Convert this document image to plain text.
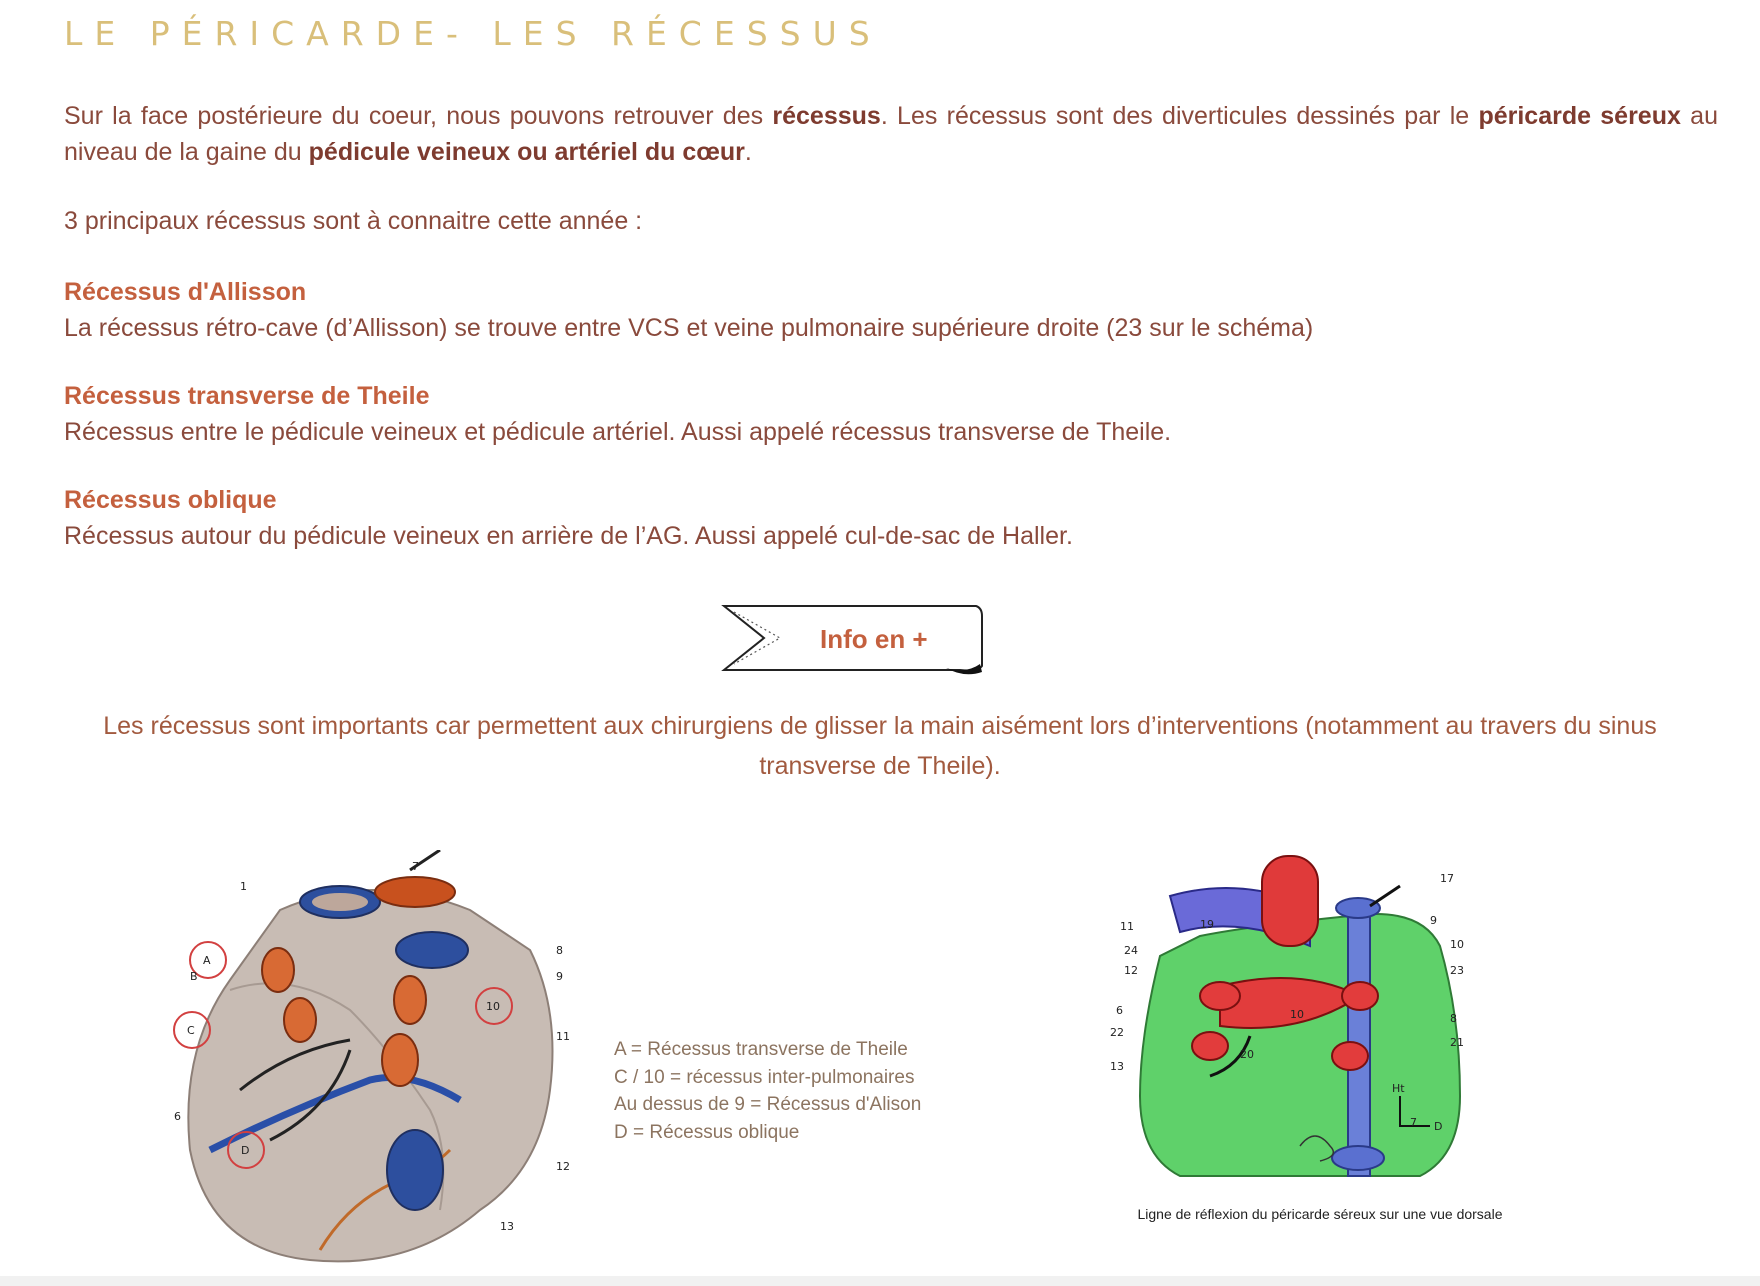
LE PÉRICARDE- LES RÉCESSUS

Sur la face postérieure du coeur, nous pouvons retrouver des récessus. Les récessus sont des diverticules dessinés par le péricarde séreux au niveau de la gaine du pédicule veineux ou artériel du cœur.

3 principaux récessus sont à connaitre cette année :

Récessus d'Allisson
La récessus rétro-cave (d’Allisson) se trouve entre VCS et veine pulmonaire supérieure droite (23 sur le schéma)
Récessus transverse de Theile
Récessus entre le pédicule veineux et pédicule artériel. Aussi appelé récessus transverse de Theile.
Récessus oblique
Récessus autour du pédicule veineux en arrière de l’AG. Aussi appelé cul-de-sac de Haller.
Info en +

Les récessus sont importants car permettent aux chirurgiens de glisser la main aisément lors d’interventions (notamment au travers du sinus transverse de Theile).

A
C
D
10
B
1
7
8
9
11
12
13
6
A = Récessus transverse de Theile
C / 10 = récessus inter-pulmonaires
Au dessus de 9 = Récessus d'Alison
D = Récessus oblique
17
9
10
23
11	19
24
12
6
22
13
8
21
20
10
7
Ht
D
Ligne de réflexion du péricarde séreux sur une vue dorsale
